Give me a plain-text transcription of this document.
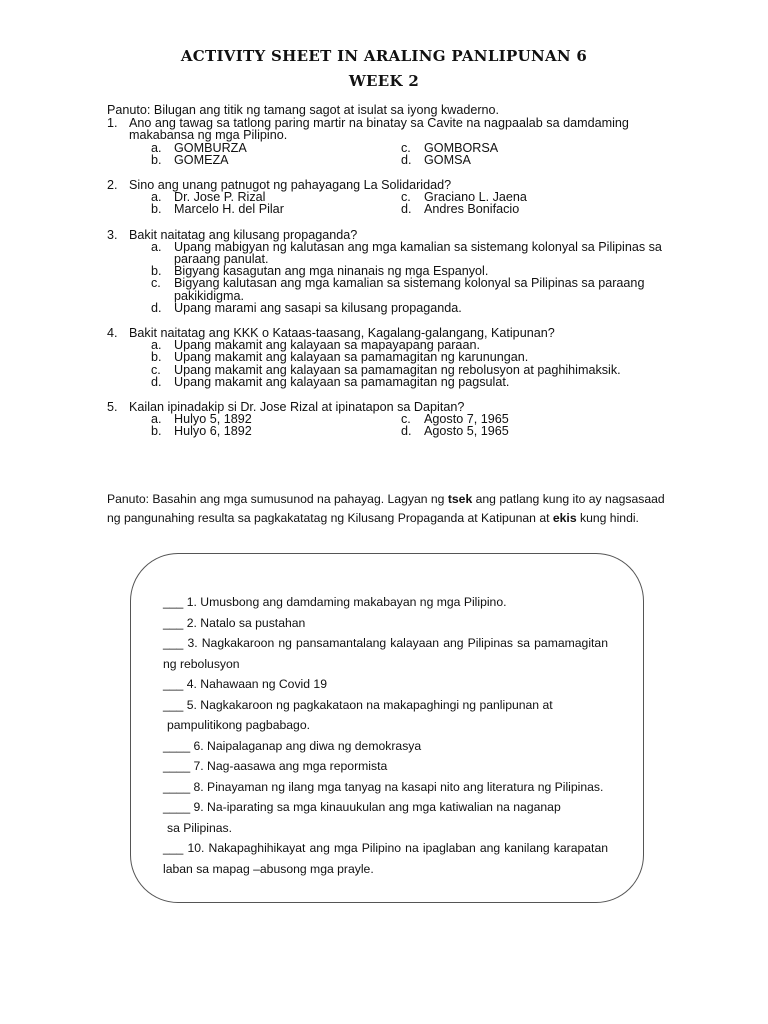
ACTIVITY SHEET IN ARALING PANLIPUNAN 6
WEEK 2
Panuto: Bilugan ang titik ng tamang sagot at isulat sa iyong kwaderno.
1. Ano ang tawag sa tatlong paring martir na binatay sa Cavite na nagpaalab sa damdaming makabansa ng mga Pilipino.
a. GOMBURZA	c.	GOMBORSA
b. GOMEZA	d. GOMSA
2. Sino ang unang patnugot ng pahayagang La Solidaridad?
a. Dr. Jose P. Rizal	c.	Graciano L. Jaena
b. Marcelo H. del Pilar	d. Andres Bonifacio
3. Bakit naitatag ang kilusang propaganda?
a. Upang mabigyan ng kalutasan ang mga kamalian sa sistemang kolonyal sa Pilipinas sa paraang panulat.
b. Bigyang kasagutan ang mga ninanais ng mga Espanyol.
c.	Bigyang kalutasan ang mga kamalian sa sistemang kolonyal sa Pilipinas sa paraang pakikidigma.
d. Upang marami ang sasapi sa kilusang propaganda.
4. Bakit naitatag ang KKK o Kataas-taasang, Kagalang-galangang, Katipunan?
a. Upang makamit ang kalayaan sa mapayapang paraan.
b. Upang makamit ang kalayaan sa pamamagitan ng karunungan.
c.	Upang makamit ang kalayaan sa pamamagitan ng rebolusyon at paghihimaksik.
d. Upang makamit ang kalayaan sa pamamagitan ng pagsulat.
5. Kailan ipinadakip si Dr. Jose Rizal at ipinatapon sa Dapitan?
a. Hulyo 5, 1892	c.	Agosto 7, 1965
b. Hulyo 6, 1892	d. Agosto 5, 1965
Panuto: Basahin ang mga sumusunod na pahayag. Lagyan ng tsek ang patlang kung ito ay nagsasaad ng pangunahing resulta sa pagkakatatag ng Kilusang Propaganda at Katipunan at ekis kung hindi.
___ 1. Umusbong ang damdaming makabayan ng mga Pilipino.
___ 2. Natalo sa pustahan
___ 3. Nagkakaroon ng pansamantalang kalayaan ang Pilipinas sa pamamagitan ng rebolusyon
___ 4. Nahawaan ng Covid 19
___ 5. Nagkakaroon ng pagkakataon na makapaghingi ng panlipunan at
pampulitikong pagbabago.
____ 6. Naipalaganap ang diwa ng demokrasya
____ 7. Nag-aasawa ang mga repormista
____ 8. Pinayaman ng ilang mga tanyag na kasapi nito ang literatura ng Pilipinas.
____ 9. Na-iparating sa mga kinauukulan ang mga katiwalian na naganap
sa Pilipinas.
___ 10. Nakapaghihikayat ang mga Pilipino na ipaglaban ang kanilang karapatan laban sa mapag –abusong mga prayle.
